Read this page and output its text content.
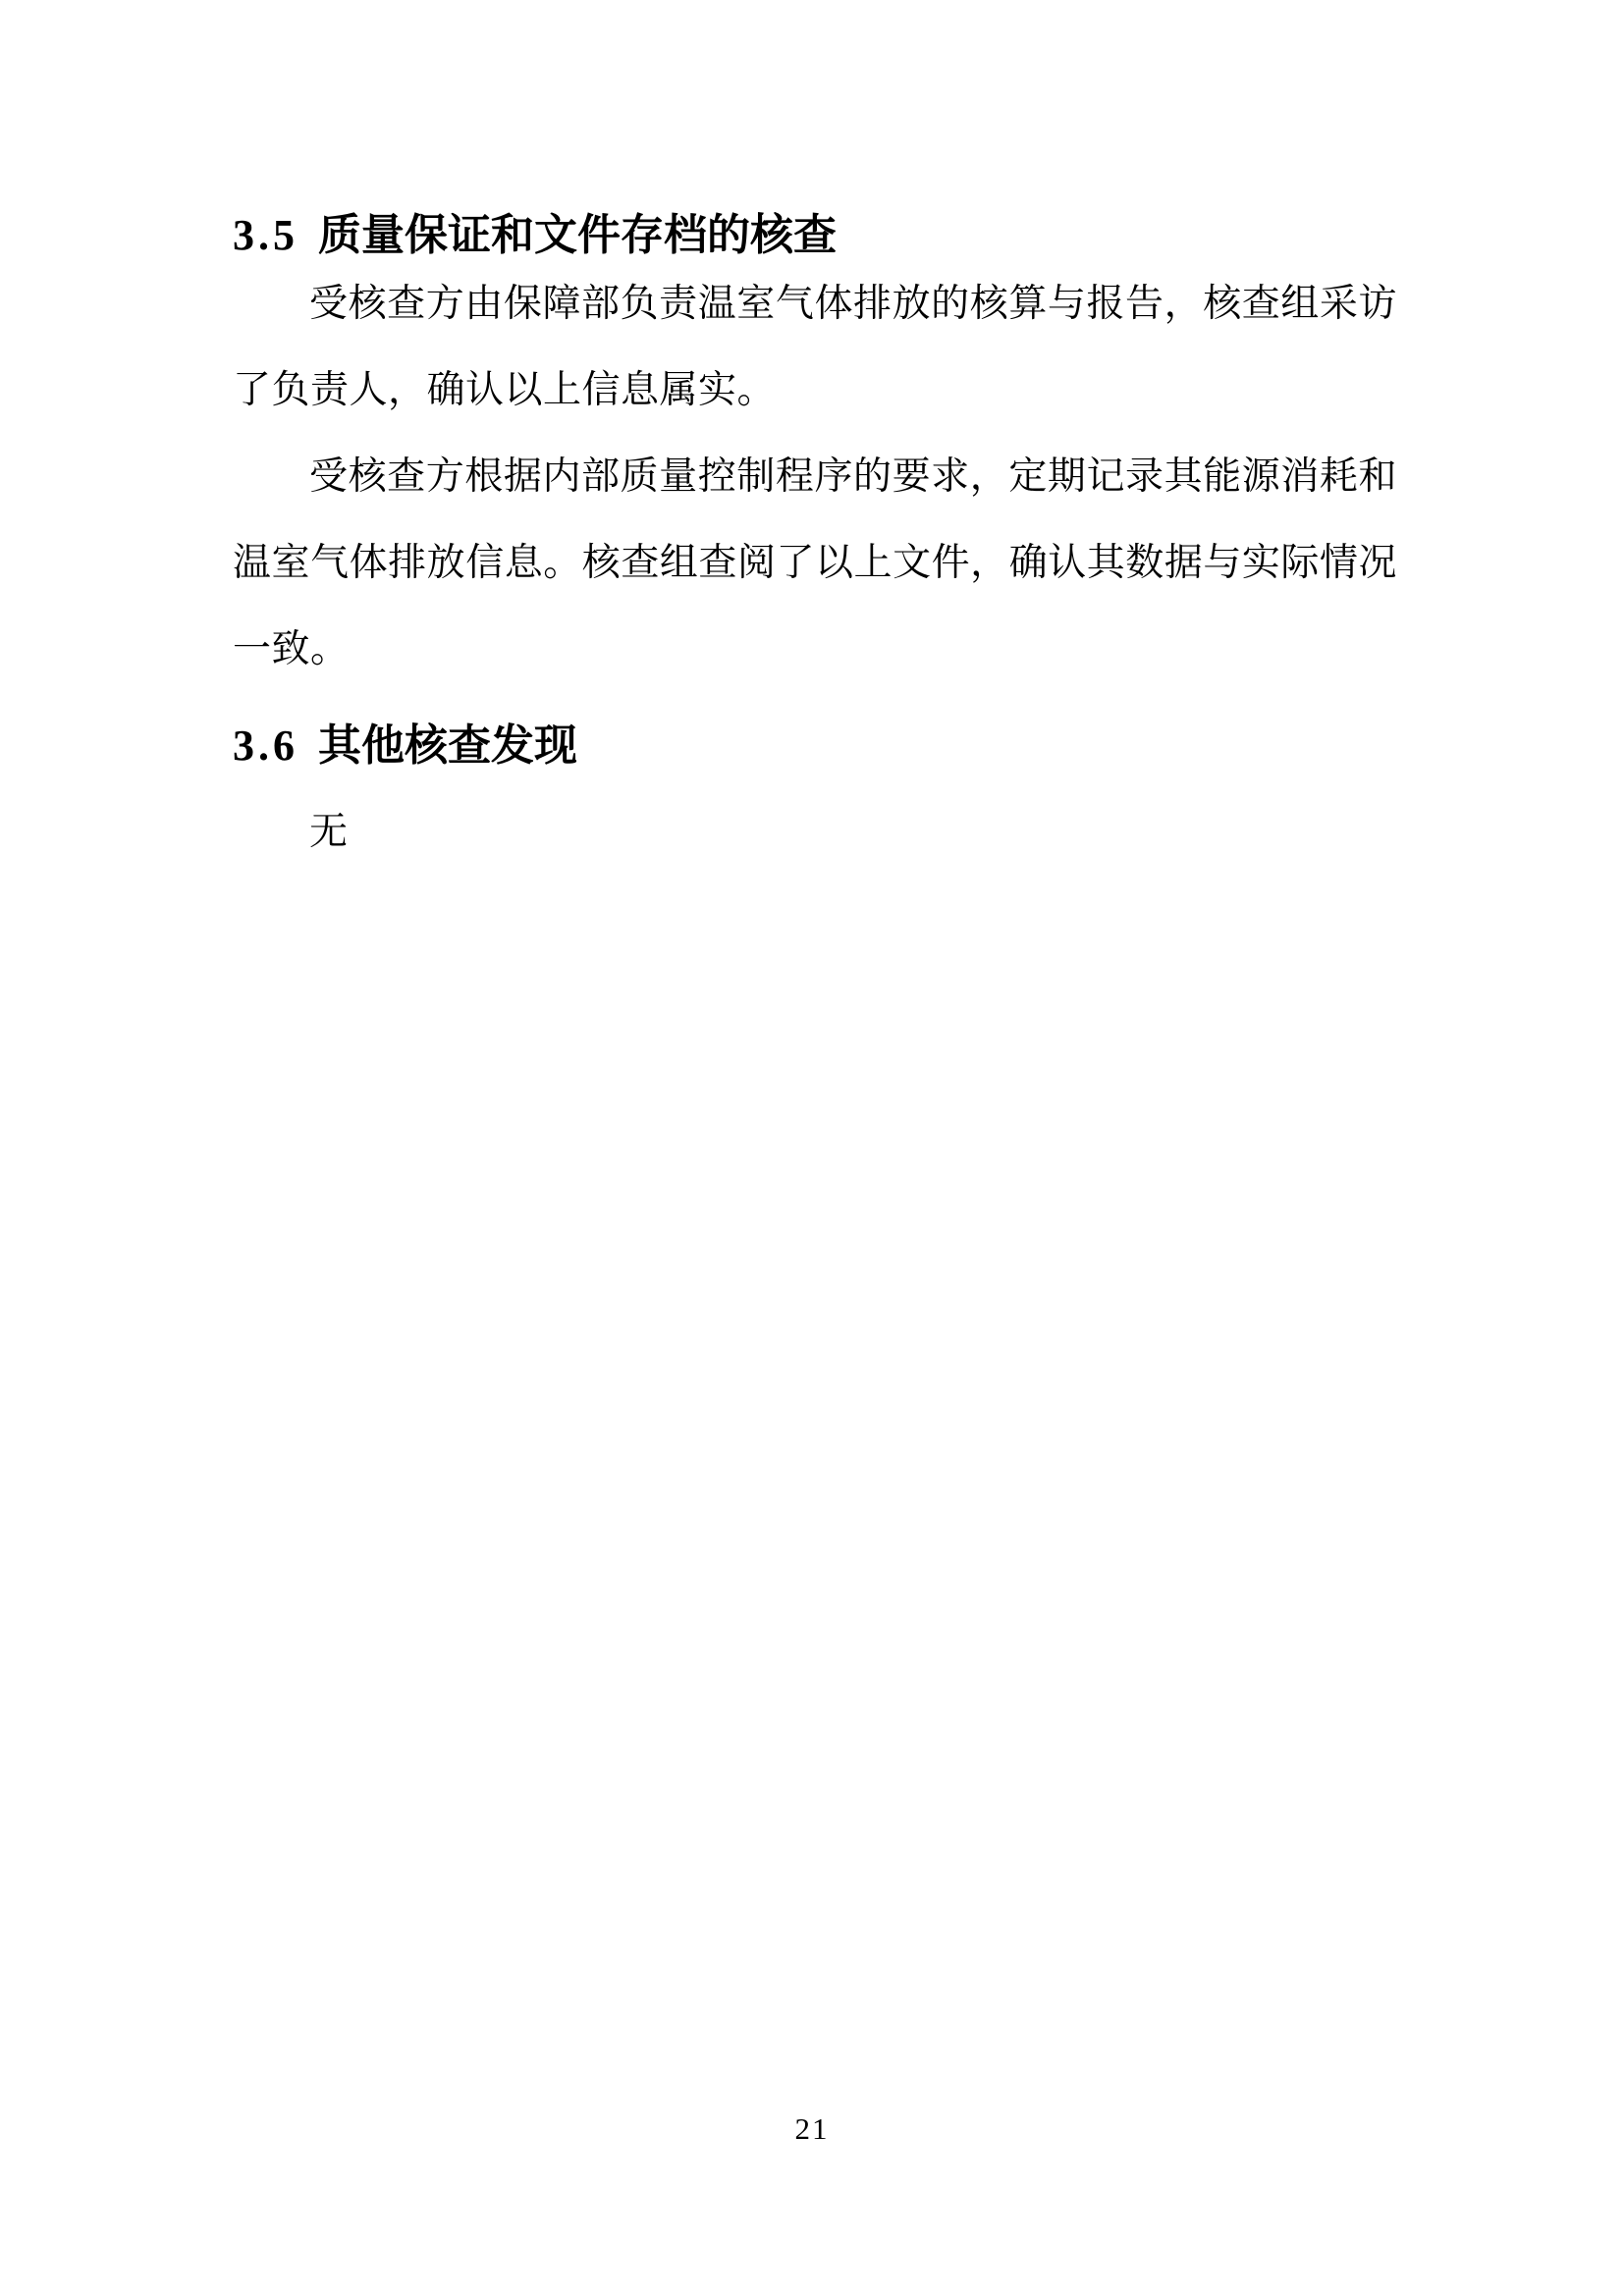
3.5 质量保证和文件存档的核查

受核查方由保障部负责温室气体排放的核算与报告，核查组采访了负责人，确认以上信息属实。

受核查方根据内部质量控制程序的要求，定期记录其能源消耗和温室气体排放信息。核查组查阅了以上文件，确认其数据与实际情况一致。

3.6 其他核查发现

无

21
